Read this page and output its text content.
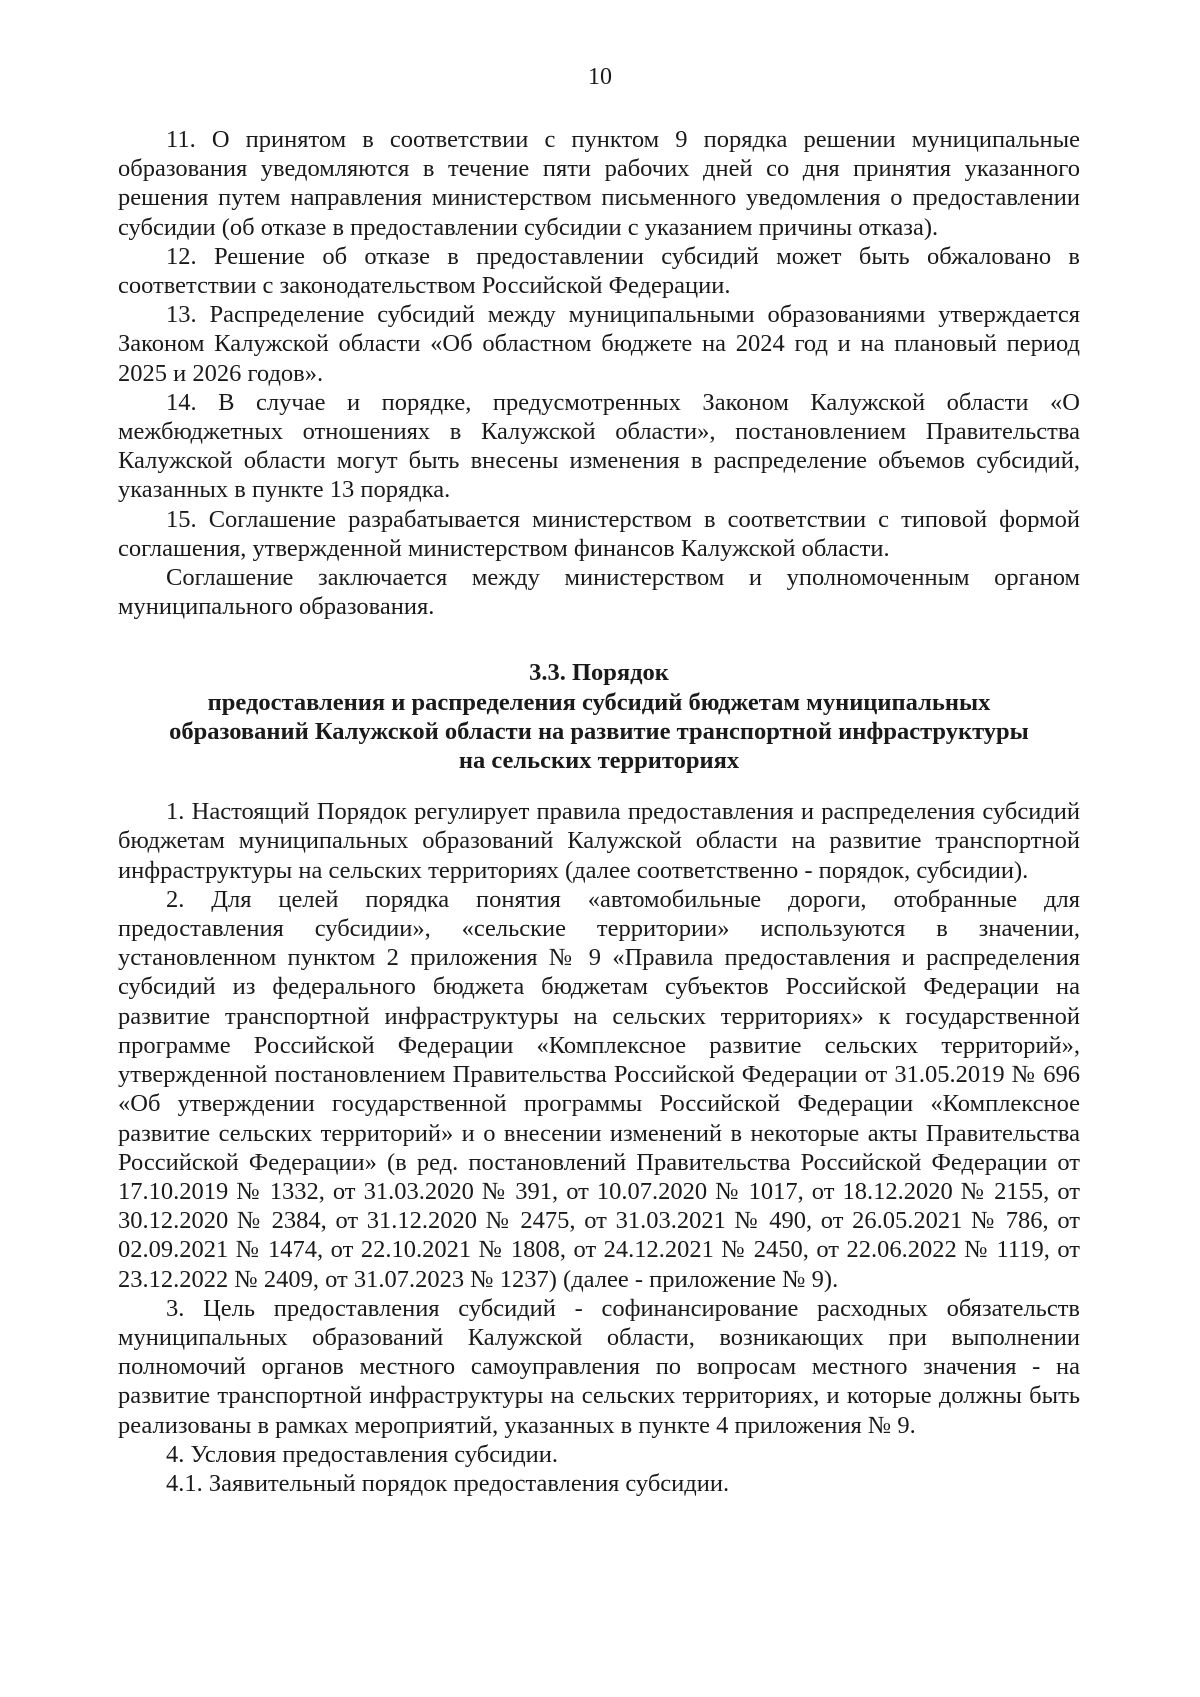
10

11. О принятом в соответствии с пунктом 9 порядка решении муниципальные образования уведомляются в течение пяти рабочих дней со дня принятия указанного решения путем направления министерством письменного уведомления о предоставлении субсидии (об отказе в предоставлении субсидии с указанием причины отказа).

12. Решение об отказе в предоставлении субсидий может быть обжаловано в соответствии с законодательством Российской Федерации.

13. Распределение субсидий между муниципальными образованиями утверждается Законом Калужской области «Об областном бюджете на 2024 год и на плановый период 2025 и 2026 годов».

14. В случае и порядке, предусмотренных Законом Калужской области «О межбюджетных отношениях в Калужской области», постановлением Правительства Калужской области могут быть внесены изменения в распределение объемов субсидий, указанных в пункте 13 порядка.

15. Соглашение разрабатывается министерством в соответствии с типовой формой соглашения, утвержденной министерством финансов Калужской области.

Соглашение заключается между министерством и уполномоченным органом муниципального образования.

3.3. Порядок
предоставления и распределения субсидий бюджетам муниципальных
образований Калужской области на развитие транспортной инфраструктуры
на сельских территориях

1. Настоящий Порядок регулирует правила предоставления и распределения субсидий бюджетам муниципальных образований Калужской области на развитие транспортной инфраструктуры на сельских территориях (далее соответственно - порядок, субсидии).

2. Для целей порядка понятия «автомобильные дороги, отобранные для предоставления субсидии», «сельские территории» используются в значении, установленном пунктом 2 приложения № 9 «Правила предоставления и распределения субсидий из федерального бюджета бюджетам субъектов Российской Федерации на развитие транспортной инфраструктуры на сельских территориях» к государственной программе Российской Федерации «Комплексное развитие сельских территорий», утвержденной постановлением Правительства Российской Федерации от 31.05.2019 № 696 «Об утверждении государственной программы Российской Федерации «Комплексное развитие сельских территорий» и о внесении изменений в некоторые акты Правительства Российской Федерации» (в ред. постановлений Правительства Российской Федерации от 17.10.2019 № 1332, от 31.03.2020 № 391, от 10.07.2020 № 1017, от 18.12.2020 № 2155, от 30.12.2020 № 2384, от 31.12.2020 № 2475, от 31.03.2021 № 490, от 26.05.2021 № 786, от 02.09.2021 № 1474, от 22.10.2021 № 1808, от 24.12.2021 № 2450, от 22.06.2022 № 1119, от 23.12.2022 № 2409, от 31.07.2023 № 1237) (далее - приложение № 9).

3. Цель предоставления субсидий - софинансирование расходных обязательств муниципальных образований Калужской области, возникающих при выполнении полномочий органов местного самоуправления по вопросам местного значения - на развитие транспортной инфраструктуры на сельских территориях, и которые должны быть реализованы в рамках мероприятий, указанных в пункте 4 приложения № 9.

4. Условия предоставления субсидии.

4.1. Заявительный порядок предоставления субсидии.
